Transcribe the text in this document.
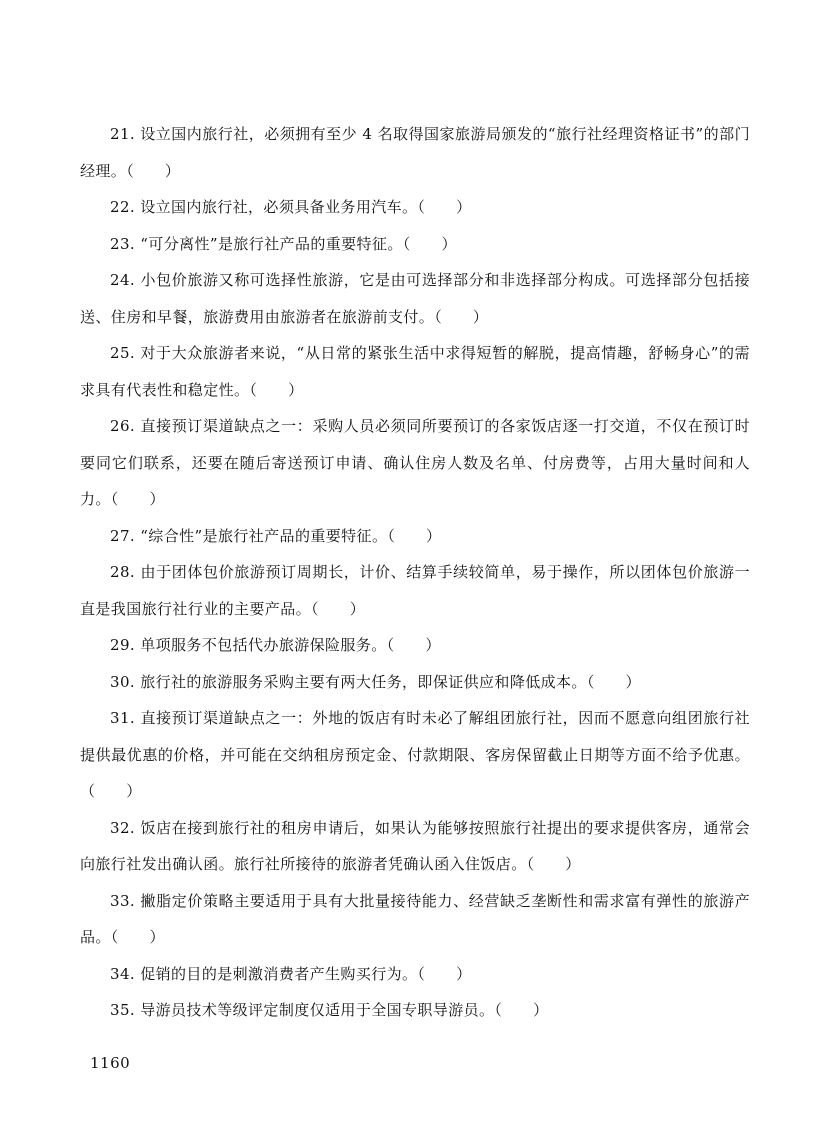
21. 设立国内旅行社，必须拥有至少 4 名取得国家旅游局颁发的“旅行社经理资格证书”的部门经理。（　　）
22. 设立国内旅行社，必须具备业务用汽车。（　　）
23. “可分离性”是旅行社产品的重要特征。（　　）
24. 小包价旅游又称可选择性旅游，它是由可选择部分和非选择部分构成。可选择部分包括接送、住房和早餐，旅游费用由旅游者在旅游前支付。（　　）
25. 对于大众旅游者来说，“从日常的紧张生活中求得短暂的解脱，提高情趣，舒畅身心”的需求具有代表性和稳定性。（　　）
26. 直接预订渠道缺点之一：采购人员必须同所要预订的各家饭店逐一打交道，不仅在预订时要同它们联系，还要在随后寄送预订申请、确认住房人数及名单、付房费等，占用大量时间和人力。（　　）
27. “综合性”是旅行社产品的重要特征。（　　）
28. 由于团体包价旅游预订周期长，计价、结算手续较简单，易于操作，所以团体包价旅游一直是我国旅行社行业的主要产品。（　　）
29. 单项服务不包括代办旅游保险服务。（　　）
30. 旅行社的旅游服务采购主要有两大任务，即保证供应和降低成本。（　　）
31. 直接预订渠道缺点之一：外地的饭店有时未必了解组团旅行社，因而不愿意向组团旅行社提供最优惠的价格，并可能在交纳租房预定金、付款期限、客房保留截止日期等方面不给予优惠。（　　）
32. 饭店在接到旅行社的租房申请后，如果认为能够按照旅行社提出的要求提供客房，通常会向旅行社发出确认函。旅行社所接待的旅游者凭确认函入住饭店。（　　）
33. 撇脂定价策略主要适用于具有大批量接待能力、经营缺乏垄断性和需求富有弹性的旅游产品。（　　）
34. 促销的目的是刺激消费者产生购买行为。（　　）
35. 导游员技术等级评定制度仅适用于全国专职导游员。（　　）
1160
